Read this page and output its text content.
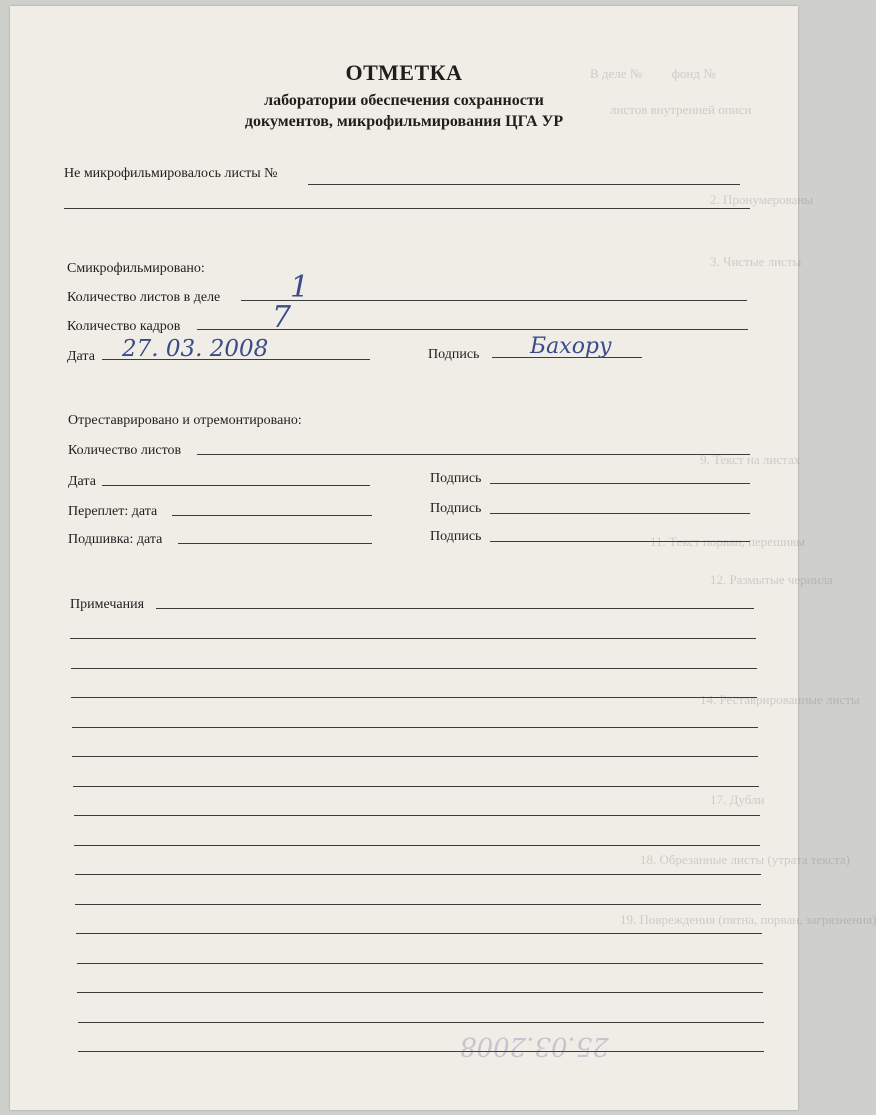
В деле №         фонд №
листов внутренней описи
2. Пронумерованы
3. Чистые листы
9. Текст на листах
11. Текст порван, перешивы
12. Размытые чернила
14. Реставрированные листы
17. Дубли
18. Обрезанные листы (утрата текста)
19. Повреждения (пятна, порван, загрязнения)
ОТМЕТКА
лаборатории обеспечения сохранности
документов, микрофильмирования ЦГА УР
Не микрофильмировалось листы №
Смикрофильмировано:
Количество листов в деле 1
Количество кадров	7
Дата 27. 03. 2008	Подпись Бахору
Отреставрировано и отремонтировано:
Количество листов
Дата	Подпись
Переплет: дата	Подпись
Подшивка: дата	Подпись
Примечания
25.03.2008
